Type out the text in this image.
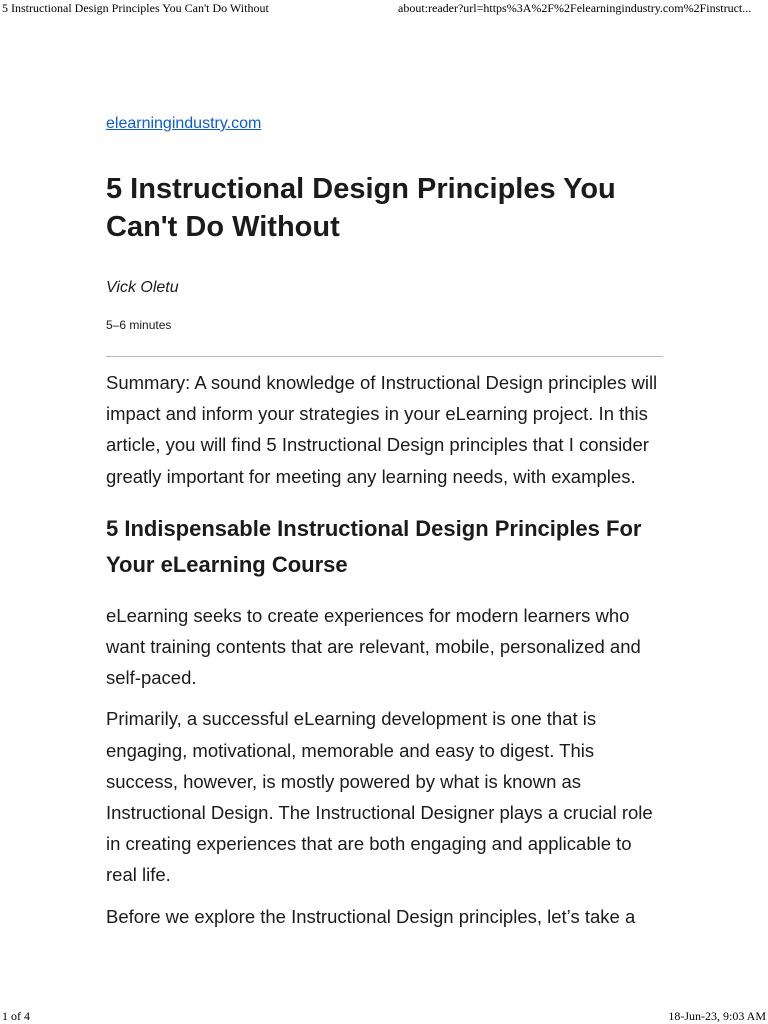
5 Instructional Design Principles You Can't Do Without	about:reader?url=https%3A%2F%2Felearningindustry.com%2Finstruct...
elearningindustry.com
5 Instructional Design Principles You Can't Do Without
Vick Oletu
5–6 minutes

Summary: A sound knowledge of Instructional Design principles will impact and inform your strategies in your eLearning project. In this article, you will find 5 Instructional Design principles that I consider greatly important for meeting any learning needs, with examples.

5 Indispensable Instructional Design Principles For Your eLearning Course

eLearning seeks to create experiences for modern learners who want training contents that are relevant, mobile, personalized and self-paced.

Primarily, a successful eLearning development is one that is engaging, motivational, memorable and easy to digest. This success, however, is mostly powered by what is known as Instructional Design. The Instructional Designer plays a crucial role in creating experiences that are both engaging and applicable to real life.

Before we explore the Instructional Design principles, let’s take a

1 of 4	18-Jun-23, 9:03 AM
